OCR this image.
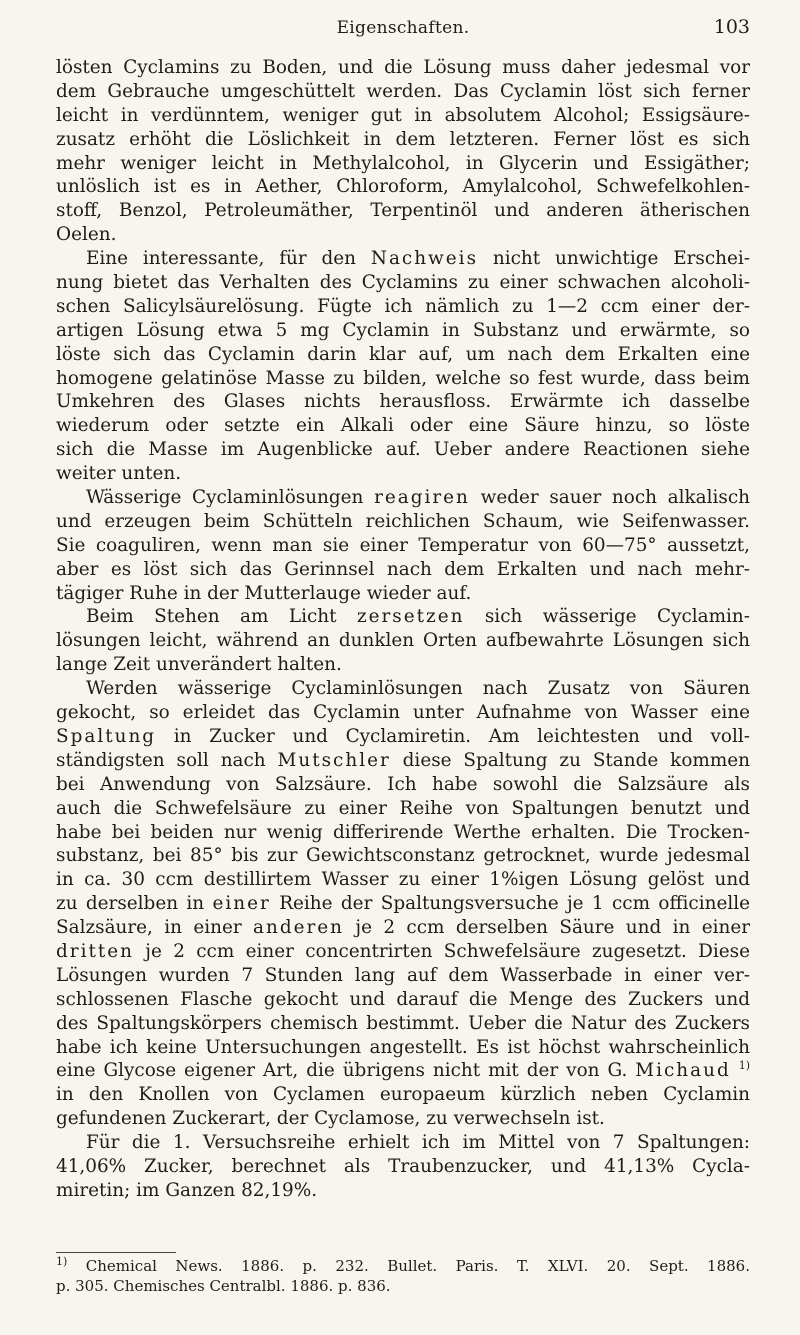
Eigenschaften.	103
lösten Cyclamins zu Boden, und die Lösung muss daher jedesmal vor
dem Gebrauche umgeschüttelt werden. Das Cyclamin löst sich ferner
leicht in verdünntem, weniger gut in absolutem Alcohol; Essigsäure-
zusatz erhöht die Löslichkeit in dem letzteren. Ferner löst es sich
mehr weniger leicht in Methylalcohol, in Glycerin und Essigäther;
unlöslich ist es in Aether, Chloroform, Amylalcohol, Schwefelkohlen-
stoff, Benzol, Petroleumäther, Terpentinöl und anderen ätherischen
Oelen.
Eine interessante, für den Nachweis nicht unwichtige Erschei-
nung bietet das Verhalten des Cyclamins zu einer schwachen alcoholi-
schen Salicylsäurelösung. Fügte ich nämlich zu 1—2 ccm einer der-
artigen Lösung etwa 5 mg Cyclamin in Substanz und erwärmte, so
löste sich das Cyclamin darin klar auf, um nach dem Erkalten eine
homogene gelatinöse Masse zu bilden, welche so fest wurde, dass beim
Umkehren des Glases nichts herausfloss. Erwärmte ich dasselbe
wiederum oder setzte ein Alkali oder eine Säure hinzu, so löste
sich die Masse im Augenblicke auf. Ueber andere Reactionen siehe
weiter unten.
Wässerige Cyclaminlösungen reagiren weder sauer noch alkalisch
und erzeugen beim Schütteln reichlichen Schaum, wie Seifenwasser.
Sie coaguliren, wenn man sie einer Temperatur von 60—75° aussetzt,
aber es löst sich das Gerinnsel nach dem Erkalten und nach mehr-
tägiger Ruhe in der Mutterlauge wieder auf.
Beim Stehen am Licht zersetzen sich wässerige Cyclamin-
lösungen leicht, während an dunklen Orten aufbewahrte Lösungen sich
lange Zeit unverändert halten.
Werden wässerige Cyclaminlösungen nach Zusatz von Säuren
gekocht, so erleidet das Cyclamin unter Aufnahme von Wasser eine
Spaltung in Zucker und Cyclamiretin. Am leichtesten und voll-
ständigsten soll nach Mutschler diese Spaltung zu Stande kommen
bei Anwendung von Salzsäure. Ich habe sowohl die Salzsäure als
auch die Schwefelsäure zu einer Reihe von Spaltungen benutzt und
habe bei beiden nur wenig differirende Werthe erhalten. Die Trocken-
substanz, bei 85° bis zur Gewichtsconstanz getrocknet, wurde jedesmal
in ca. 30 ccm destillirtem Wasser zu einer 1%igen Lösung gelöst und
zu derselben in einer Reihe der Spaltungsversuche je 1 ccm officinelle
Salzsäure, in einer anderen je 2 ccm derselben Säure und in einer
dritten je 2 ccm einer concentrirten Schwefelsäure zugesetzt. Diese
Lösungen wurden 7 Stunden lang auf dem Wasserbade in einer ver-
schlossenen Flasche gekocht und darauf die Menge des Zuckers und
des Spaltungskörpers chemisch bestimmt. Ueber die Natur des Zuckers
habe ich keine Untersuchungen angestellt. Es ist höchst wahrscheinlich
eine Glycose eigener Art, die übrigens nicht mit der von G. Michaud $^{1)}$
in den Knollen von Cyclamen europaeum kürzlich neben Cyclamin
gefundenen Zuckerart, der Cyclamose, zu verwechseln ist.
Für die 1. Versuchsreihe erhielt ich im Mittel von 7 Spaltungen:
41,06% Zucker, berechnet als Traubenzucker, und 41,13% Cycla-
miretin; im Ganzen 82,19%.
$^{1)}$ Chemical News. 1886. p. 232. Bullet. Paris. T. XLVI. 20. Sept. 1886.
p. 305. Chemisches Centralbl. 1886. p. 836.
